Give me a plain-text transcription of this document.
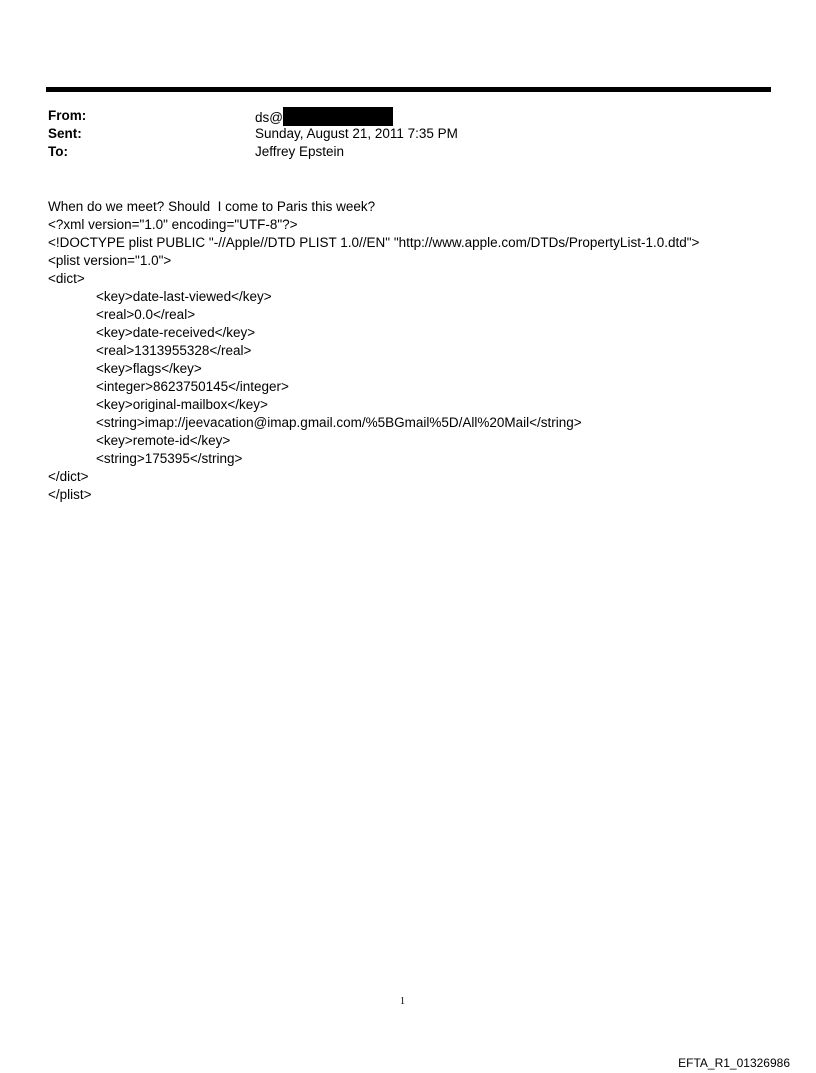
From:	ds@
Sent:	Sunday, August 21, 2011 7:35 PM
To:	Jeffrey Epstein
When do we meet? Should  I come to Paris this week?
<?xml version="1.0" encoding="UTF-8"?>
<!DOCTYPE plist PUBLIC "-//Apple//DTD PLIST 1.0//EN" "http://www.apple.com/DTDs/PropertyList-1.0.dtd">
<plist version="1.0">
<dict>
<key>date-last-viewed</key>
<real>0.0</real>
<key>date-received</key>
<real>1313955328</real>
<key>flags</key>
<integer>8623750145</integer>
<key>original-mailbox</key>
<string>imap://jeevacation@imap.gmail.com/%5BGmail%5D/All%20Mail</string>
<key>remote-id</key>
<string>175395</string>
</dict>
</plist>
1
EFTA_R1_01326986
